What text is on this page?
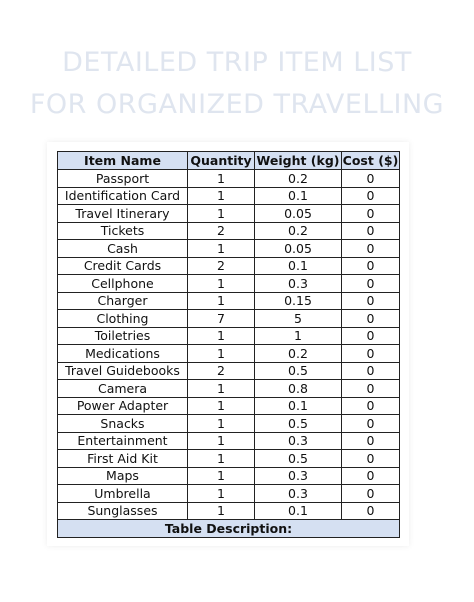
DETAILED TRIP ITEM LIST
FOR ORGANIZED TRAVELLING
Item Name	Quantity	Weight (kg)	Cost ($)
Passport	1	0.2	0
Identification Card	1	0.1	0
Travel Itinerary	1	0.05	0
Tickets	2	0.2	0
Cash	1	0.05	0
Credit Cards	2	0.1	0
Cellphone	1	0.3	0
Charger	1	0.15	0
Clothing	7	5	0
Toiletries	1	1	0
Medications	1	0.2	0
Travel Guidebooks	2	0.5	0
Camera	1	0.8	0
Power Adapter	1	0.1	0
Snacks	1	0.5	0
Entertainment	1	0.3	0
First Aid Kit	1	0.5	0
Maps	1	0.3	0
Umbrella	1	0.3	0
Sunglasses	1	0.1	0
Table Description:			
